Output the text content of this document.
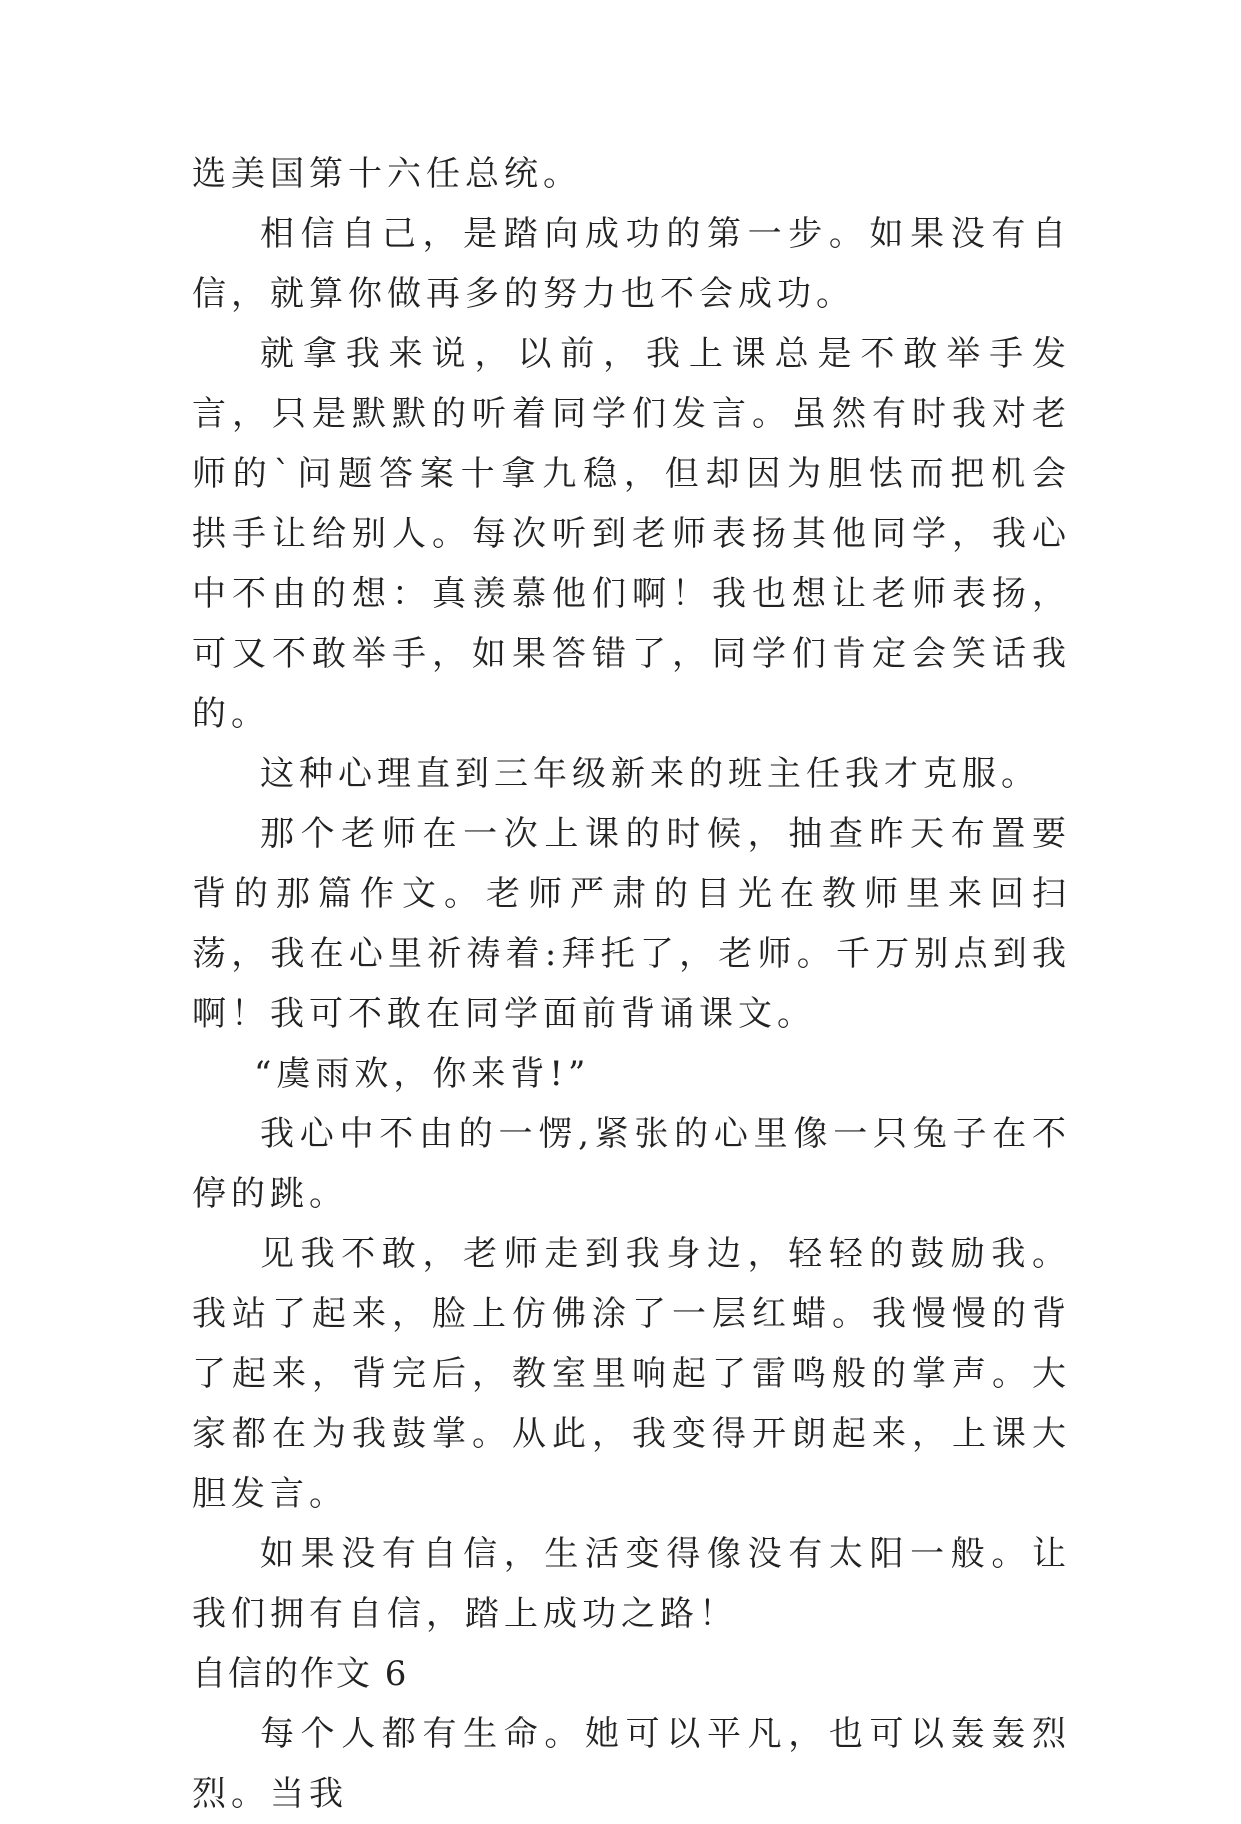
选美国第十六任总统。

相信自己，是踏向成功的第一步。如果没有自信，就算你做再多的努力也不会成功。

就拿我来说，以前，我上课总是不敢举手发言，只是默默的听着同学们发言。虽然有时我对老师的`问题答案十拿九稳，但却因为胆怯而把机会拱手让给别人。每次听到老师表扬其他同学，我心中不由的想：真羡慕他们啊！我也想让老师表扬，可又不敢举手，如果答错了，同学们肯定会笑话我的。

这种心理直到三年级新来的班主任我才克服。

那个老师在一次上课的时候，抽查昨天布置要背的那篇作文。老师严肃的目光在教师里来回扫荡，我在心里祈祷着:拜托了，老师。千万别点到我啊！我可不敢在同学面前背诵课文。

“虞雨欢，你来背!”

我心中不由的一愣,紧张的心里像一只兔子在不停的跳。

见我不敢，老师走到我身边，轻轻的鼓励我。我站了起来，脸上仿佛涂了一层红蜡。我慢慢的背了起来，背完后，教室里响起了雷鸣般的掌声。大家都在为我鼓掌。从此，我变得开朗起来，上课大胆发言。

如果没有自信，生活变得像没有太阳一般。让我们拥有自信，踏上成功之路！

自信的作文 6

每个人都有生命。她可以平凡，也可以轰轰烈烈。当我
